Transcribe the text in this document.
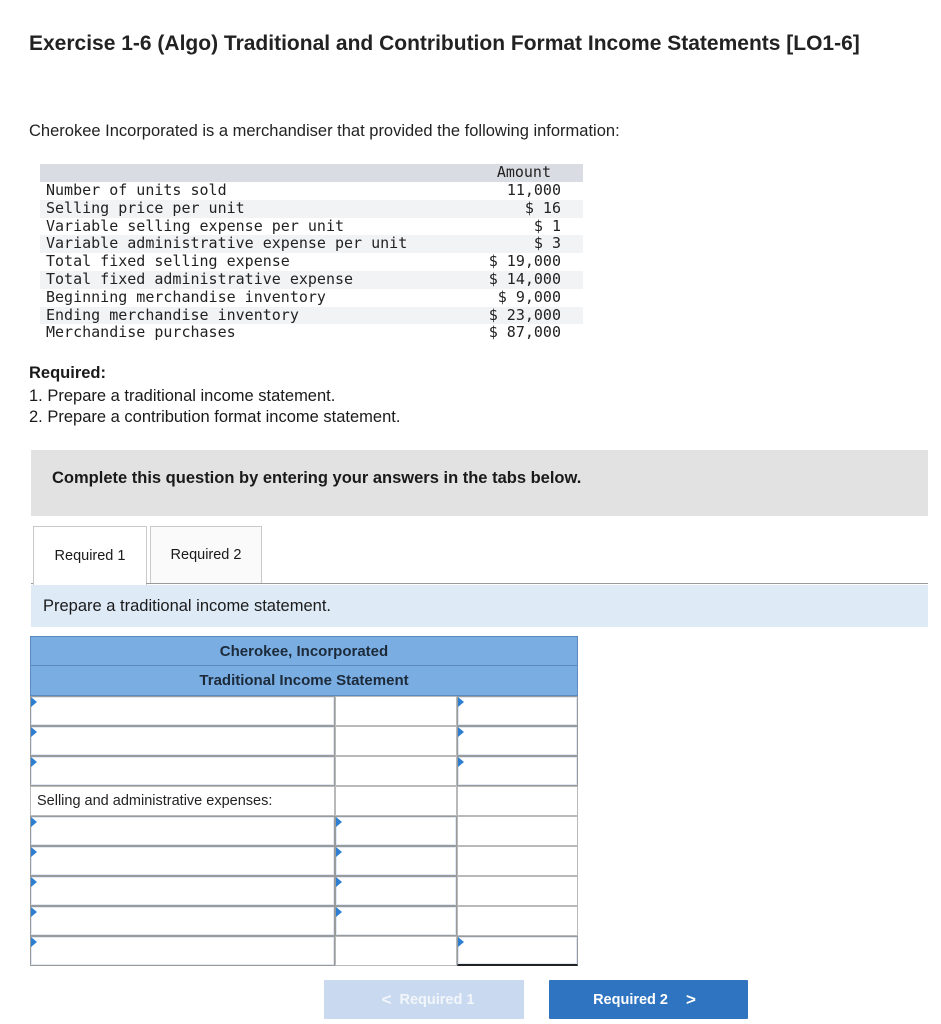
Exercise 1-6 (Algo) Traditional and Contribution Format Income Statements [LO1-6]
Cherokee Incorporated is a merchandiser that provided the following information:
Amount
Number of units sold	11,000
Selling price per unit	$ 16
Variable selling expense per unit	$ 1
Variable administrative expense per unit	$ 3
Total fixed selling expense	$ 19,000
Total fixed administrative expense	$ 14,000
Beginning merchandise inventory	$ 9,000
Ending merchandise inventory	$ 23,000
Merchandise purchases	$ 87,000
Required:
1. Prepare a traditional income statement.
2. Prepare a contribution format income statement.
Complete this question by entering your answers in the tabs below.
Required 1	Required 2
Prepare a traditional income statement.
Cherokee, Incorporated
Traditional Income Statement
Selling and administrative expenses:
< Required 1	Required 2 >
